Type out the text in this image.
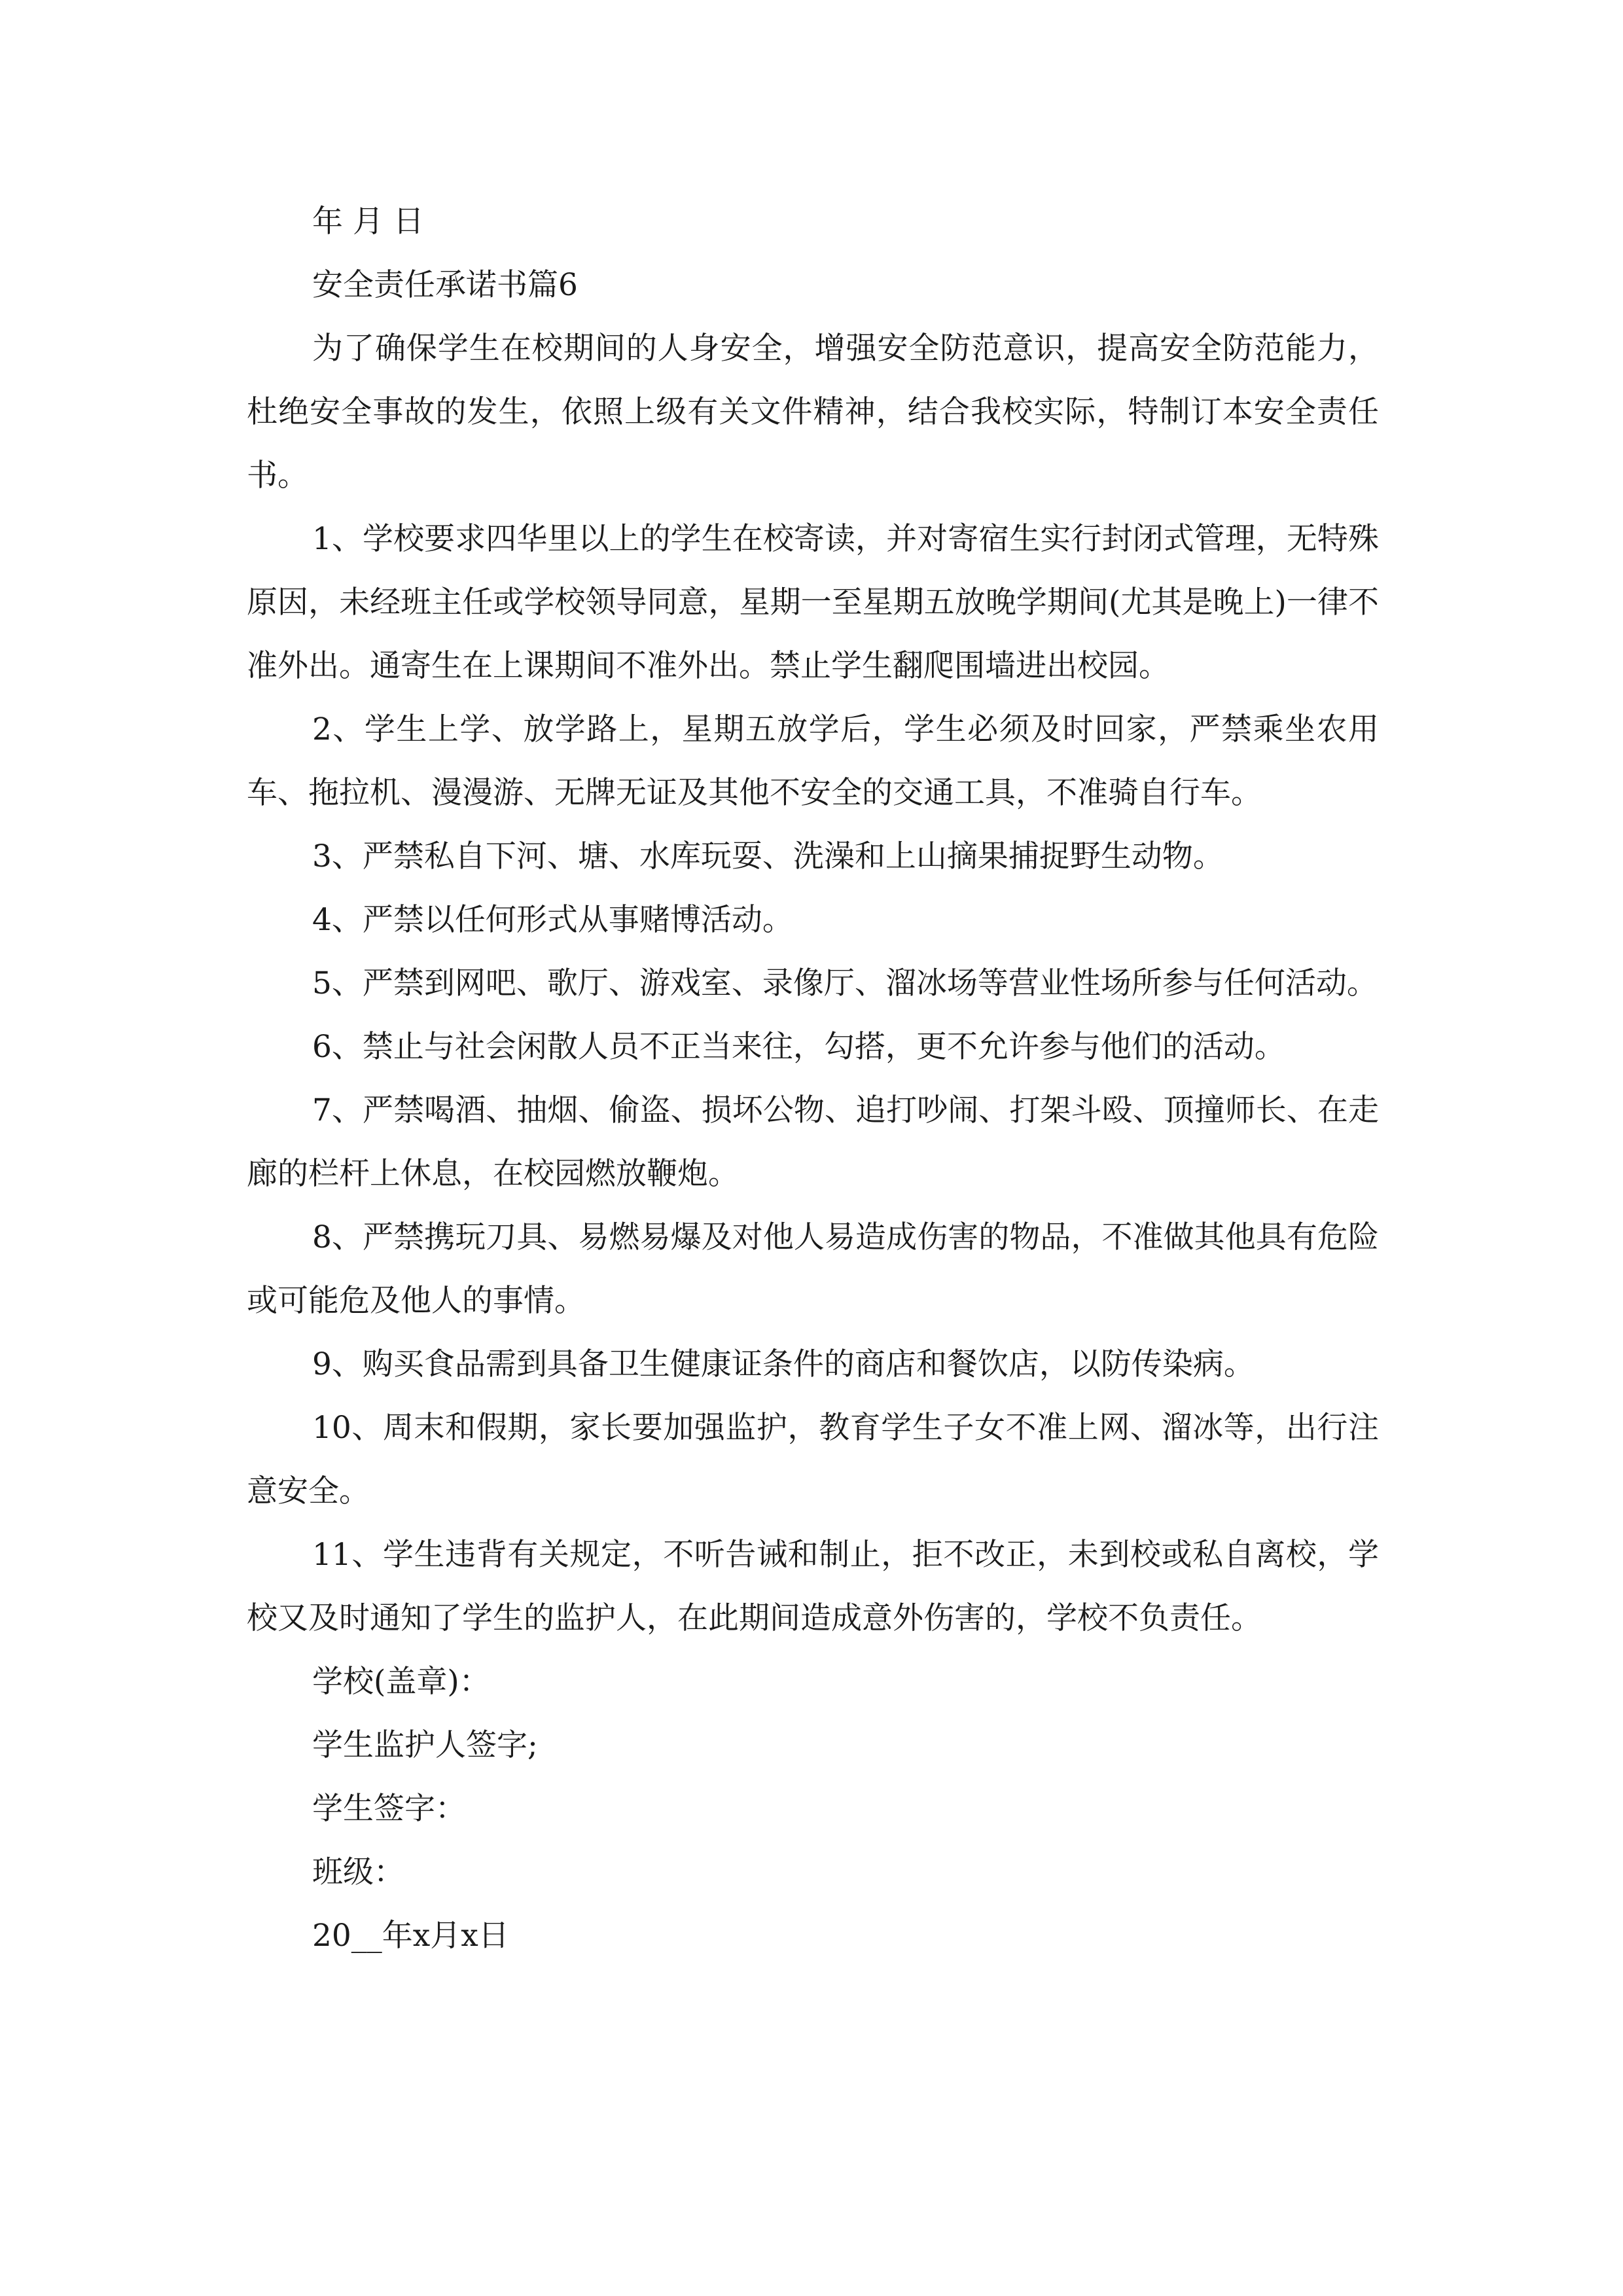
年 月 日
安全责任承诺书篇6

为了确保学生在校期间的人身安全，增强安全防范意识，提高安全防范能力，杜绝安全事故的发生，依照上级有关文件精神，结合我校实际，特制订本安全责任书。

1、学校要求四华里以上的学生在校寄读，并对寄宿生实行封闭式管理，无特殊原因，未经班主任或学校领导同意，星期一至星期五放晚学期间(尤其是晚上)一律不准外出。通寄生在上课期间不准外出。禁止学生翻爬围墙进出校园。

2、学生上学、放学路上，星期五放学后，学生必须及时回家，严禁乘坐农用车、拖拉机、漫漫游、无牌无证及其他不安全的交通工具，不准骑自行车。

3、严禁私自下河、塘、水库玩耍、洗澡和上山摘果捕捉野生动物。

4、严禁以任何形式从事赌博活动。

5、严禁到网吧、歌厅、游戏室、录像厅、溜冰场等营业性场所参与任何活动。

6、禁止与社会闲散人员不正当来往，勾搭，更不允许参与他们的活动。

7、严禁喝酒、抽烟、偷盗、损坏公物、追打吵闹、打架斗殴、顶撞师长、在走廊的栏杆上休息，在校园燃放鞭炮。

8、严禁携玩刀具、易燃易爆及对他人易造成伤害的物品，不准做其他具有危险或可能危及他人的事情。

9、购买食品需到具备卫生健康证条件的商店和餐饮店，以防传染病。

10、周末和假期，家长要加强监护，教育学生子女不准上网、溜冰等，出行注意安全。

11、学生违背有关规定，不听告诫和制止，拒不改正，未到校或私自离校，学校又及时通知了学生的监护人，在此期间造成意外伤害的，学校不负责任。

学校(盖章)：
学生监护人签字;
学生签字：
班级：
20__年x月x日
